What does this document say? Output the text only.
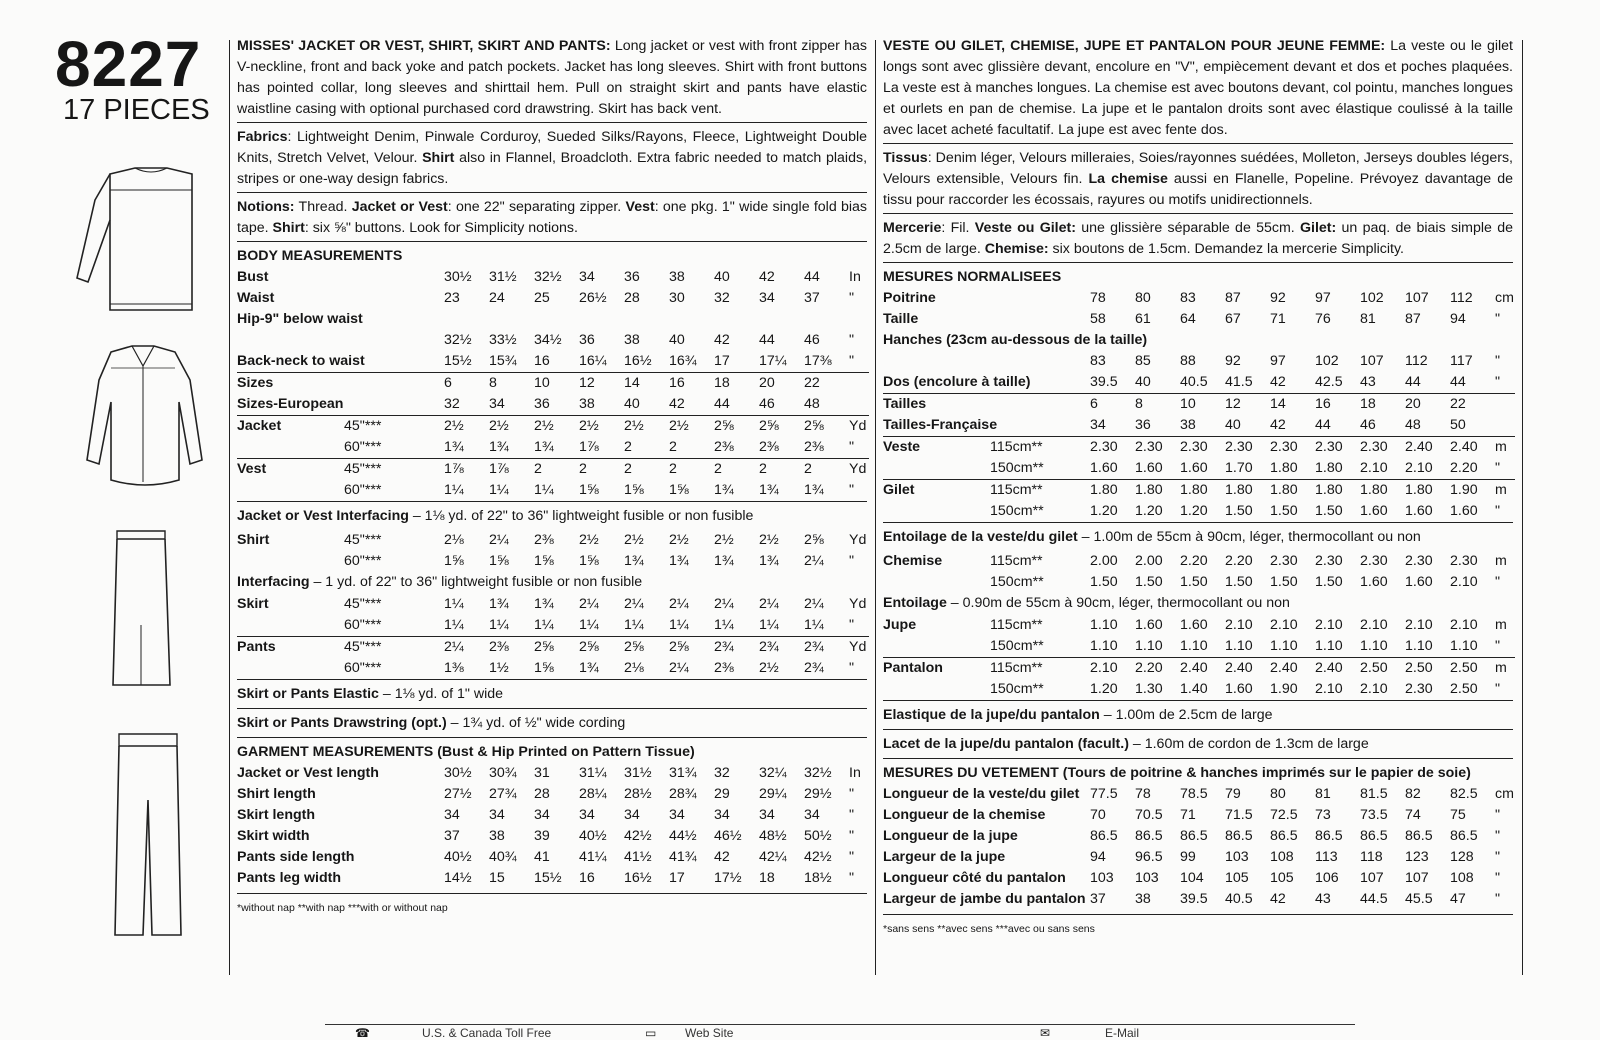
8227
17 PIECES
MISSES' JACKET OR VEST, SHIRT, SKIRT AND PANTS: Long jacket or vest with front zipper has V-neckline, front and back yoke and patch pockets. Jacket has long sleeves. Shirt with front buttons has pointed collar, long sleeves and shirttail hem. Pull on straight skirt and pants have elastic waistline casing with optional purchased cord drawstring. Skirt has back vent.
Fabrics: Lightweight Denim, Pinwale Corduroy, Sueded Silks/Rayons, Fleece, Lightweight Double Knits, Stretch Velvet, Velour. Shirt also in Flannel, Broadcloth. Extra fabric needed to match plaids, stripes or one-way design fabrics.
Notions: Thread. Jacket or Vest: one 22" separating zipper. Vest: one pkg. 1" wide single fold bias tape. Shirt: six ⅝" buttons. Look for Simplicity notions.
BODY MEASUREMENTS
Bust		30½	31½	32½	34	36	38	40	42	44	In
Waist		23	24	25	26½	28	30	32	34	37	"
Hip-9" below waist											
		32½	33½	34½	36	38	40	42	44	46	"
Back-neck to waist		15½	15¾	16	16¼	16½	16¾	17	17¼	17⅜	"
Sizes		6	8	10	12	14	16	18	20	22	
Sizes-European		32	34	36	38	40	42	44	46	48	
Jacket	45"***	2½	2½	2½	2½	2½	2½	2⅝	2⅝	2⅝	Yd
	60"***	1¾	1¾	1¾	1⅞	2	2	2⅜	2⅜	2⅜	"
Vest	45"***	1⅞	1⅞	2	2	2	2	2	2	2	Yd
	60"***	1¼	1¼	1¼	1⅝	1⅝	1⅝	1¾	1¾	1¾	"
Jacket or Vest Interfacing – 1⅛ yd. of 22" to 36" lightweight fusible or non fusible
Shirt	45"***	2⅛	2¼	2⅜	2½	2½	2½	2½	2½	2⅝	Yd
	60"***	1⅝	1⅝	1⅝	1⅝	1¾	1¾	1¾	1¾	2¼	"
Interfacing – 1 yd. of 22" to 36" lightweight fusible or non fusible
Skirt	45"***	1¼	1¾	1¾	2¼	2¼	2¼	2¼	2¼	2¼	Yd
	60"***	1¼	1¼	1¼	1¼	1¼	1¼	1¼	1¼	1¼	"
Pants	45"***	2¼	2⅜	2⅝	2⅝	2⅝	2⅝	2¾	2¾	2¾	Yd
	60"***	1⅜	1½	1⅝	1¾	2⅛	2¼	2⅜	2½	2¾	"
Skirt or Pants Elastic – 1⅛ yd. of 1" wide
Skirt or Pants Drawstring (opt.) – 1¾ yd. of ½" wide cording
GARMENT MEASUREMENTS (Bust & Hip Printed on Pattern Tissue)
Jacket or Vest length	30½	30¾	31	31¼	31½	31¾	32	32¼	32½	In
Shirt length	27½	27¾	28	28¼	28½	28¾	29	29¼	29½	"
Skirt length	34	34	34	34	34	34	34	34	34	"
Skirt width	37	38	39	40½	42½	44½	46½	48½	50½	"
Pants side length	40½	40¾	41	41¼	41½	41¾	42	42¼	42½	"
Pants leg width	14½	15	15½	16	16½	17	17½	18	18½	"
*without nap **with nap ***with or without nap
VESTE OU GILET, CHEMISE, JUPE ET PANTALON POUR JEUNE FEMME: La veste ou le gilet longs sont avec glissière devant, encolure en "V", empiècement devant et dos et poches plaquées. La veste est à manches longues. La chemise est avec boutons devant, col pointu, manches longues et ourlets en pan de chemise. La jupe et le pantalon droits sont avec élastique coulissé à la taille avec lacet acheté facultatif. La jupe est avec fente dos.
Tissus: Denim léger, Velours milleraies, Soies/rayonnes suédées, Molleton, Jerseys doubles légers, Velours extensible, Velours fin. La chemise aussi en Flanelle, Popeline. Prévoyez davantage de tissu pour raccorder les écossais, rayures ou motifs unidirectionnels.
Mercerie: Fil. Veste ou Gilet: une glissière séparable de 55cm. Gilet: un paq. de biais simple de 2.5cm de large. Chemise: six boutons de 1.5cm. Demandez la mercerie Simplicity.
MESURES NORMALISEES
Poitrine		78	80	83	87	92	97	102	107	112	cm
Taille		58	61	64	67	71	76	81	87	94	"
Hanches (23cm au-dessous de la taille)											
		83	85	88	92	97	102	107	112	117	"
Dos (encolure à taille)		39.5	40	40.5	41.5	42	42.5	43	44	44	"
Tailles		6	8	10	12	14	16	18	20	22	
Tailles-Française		34	36	38	40	42	44	46	48	50	
Veste	115cm**	2.30	2.30	2.30	2.30	2.30	2.30	2.30	2.40	2.40	m
	150cm**	1.60	1.60	1.60	1.70	1.80	1.80	2.10	2.10	2.20	"
Gilet	115cm**	1.80	1.80	1.80	1.80	1.80	1.80	1.80	1.80	1.90	m
	150cm**	1.20	1.20	1.20	1.50	1.50	1.50	1.60	1.60	1.60	"
Entoilage de la veste/du gilet – 1.00m de 55cm à 90cm, léger, thermocollant ou non
Chemise	115cm**	2.00	2.00	2.20	2.20	2.30	2.30	2.30	2.30	2.30	m
	150cm**	1.50	1.50	1.50	1.50	1.50	1.50	1.60	1.60	2.10	"
Entoilage – 0.90m de 55cm à 90cm, léger, thermocollant ou non
Jupe	115cm**	1.10	1.60	1.60	2.10	2.10	2.10	2.10	2.10	2.10	m
	150cm**	1.10	1.10	1.10	1.10	1.10	1.10	1.10	1.10	1.10	"
Pantalon	115cm**	2.10	2.20	2.40	2.40	2.40	2.40	2.50	2.50	2.50	m
	150cm**	1.20	1.30	1.40	1.60	1.90	2.10	2.10	2.30	2.50	"
Elastique de la jupe/du pantalon – 1.00m de 2.5cm de large
Lacet de la jupe/du pantalon (facult.) – 1.60m de cordon de 1.3cm de large
MESURES DU VETEMENT (Tours de poitrine & hanches imprimés sur le papier de soie)
Longueur de la veste/du gilet	77.5	78	78.5	79	80	81	81.5	82	82.5	cm
Longueur de la chemise	70	70.5	71	71.5	72.5	73	73.5	74	75	"
Longueur de la jupe	86.5	86.5	86.5	86.5	86.5	86.5	86.5	86.5	86.5	"
Largeur de la jupe	94	96.5	99	103	108	113	118	123	128	"
Longueur côté du pantalon	103	103	104	105	105	106	107	107	108	"
Largeur de jambe du pantalon	37	38	39.5	40.5	42	43	44.5	45.5	47	"
*sans sens **avec sens ***avec ou sans sens
☎	U.S. & Canada Toll Free	▭ Web Site	✉	E-Mail
